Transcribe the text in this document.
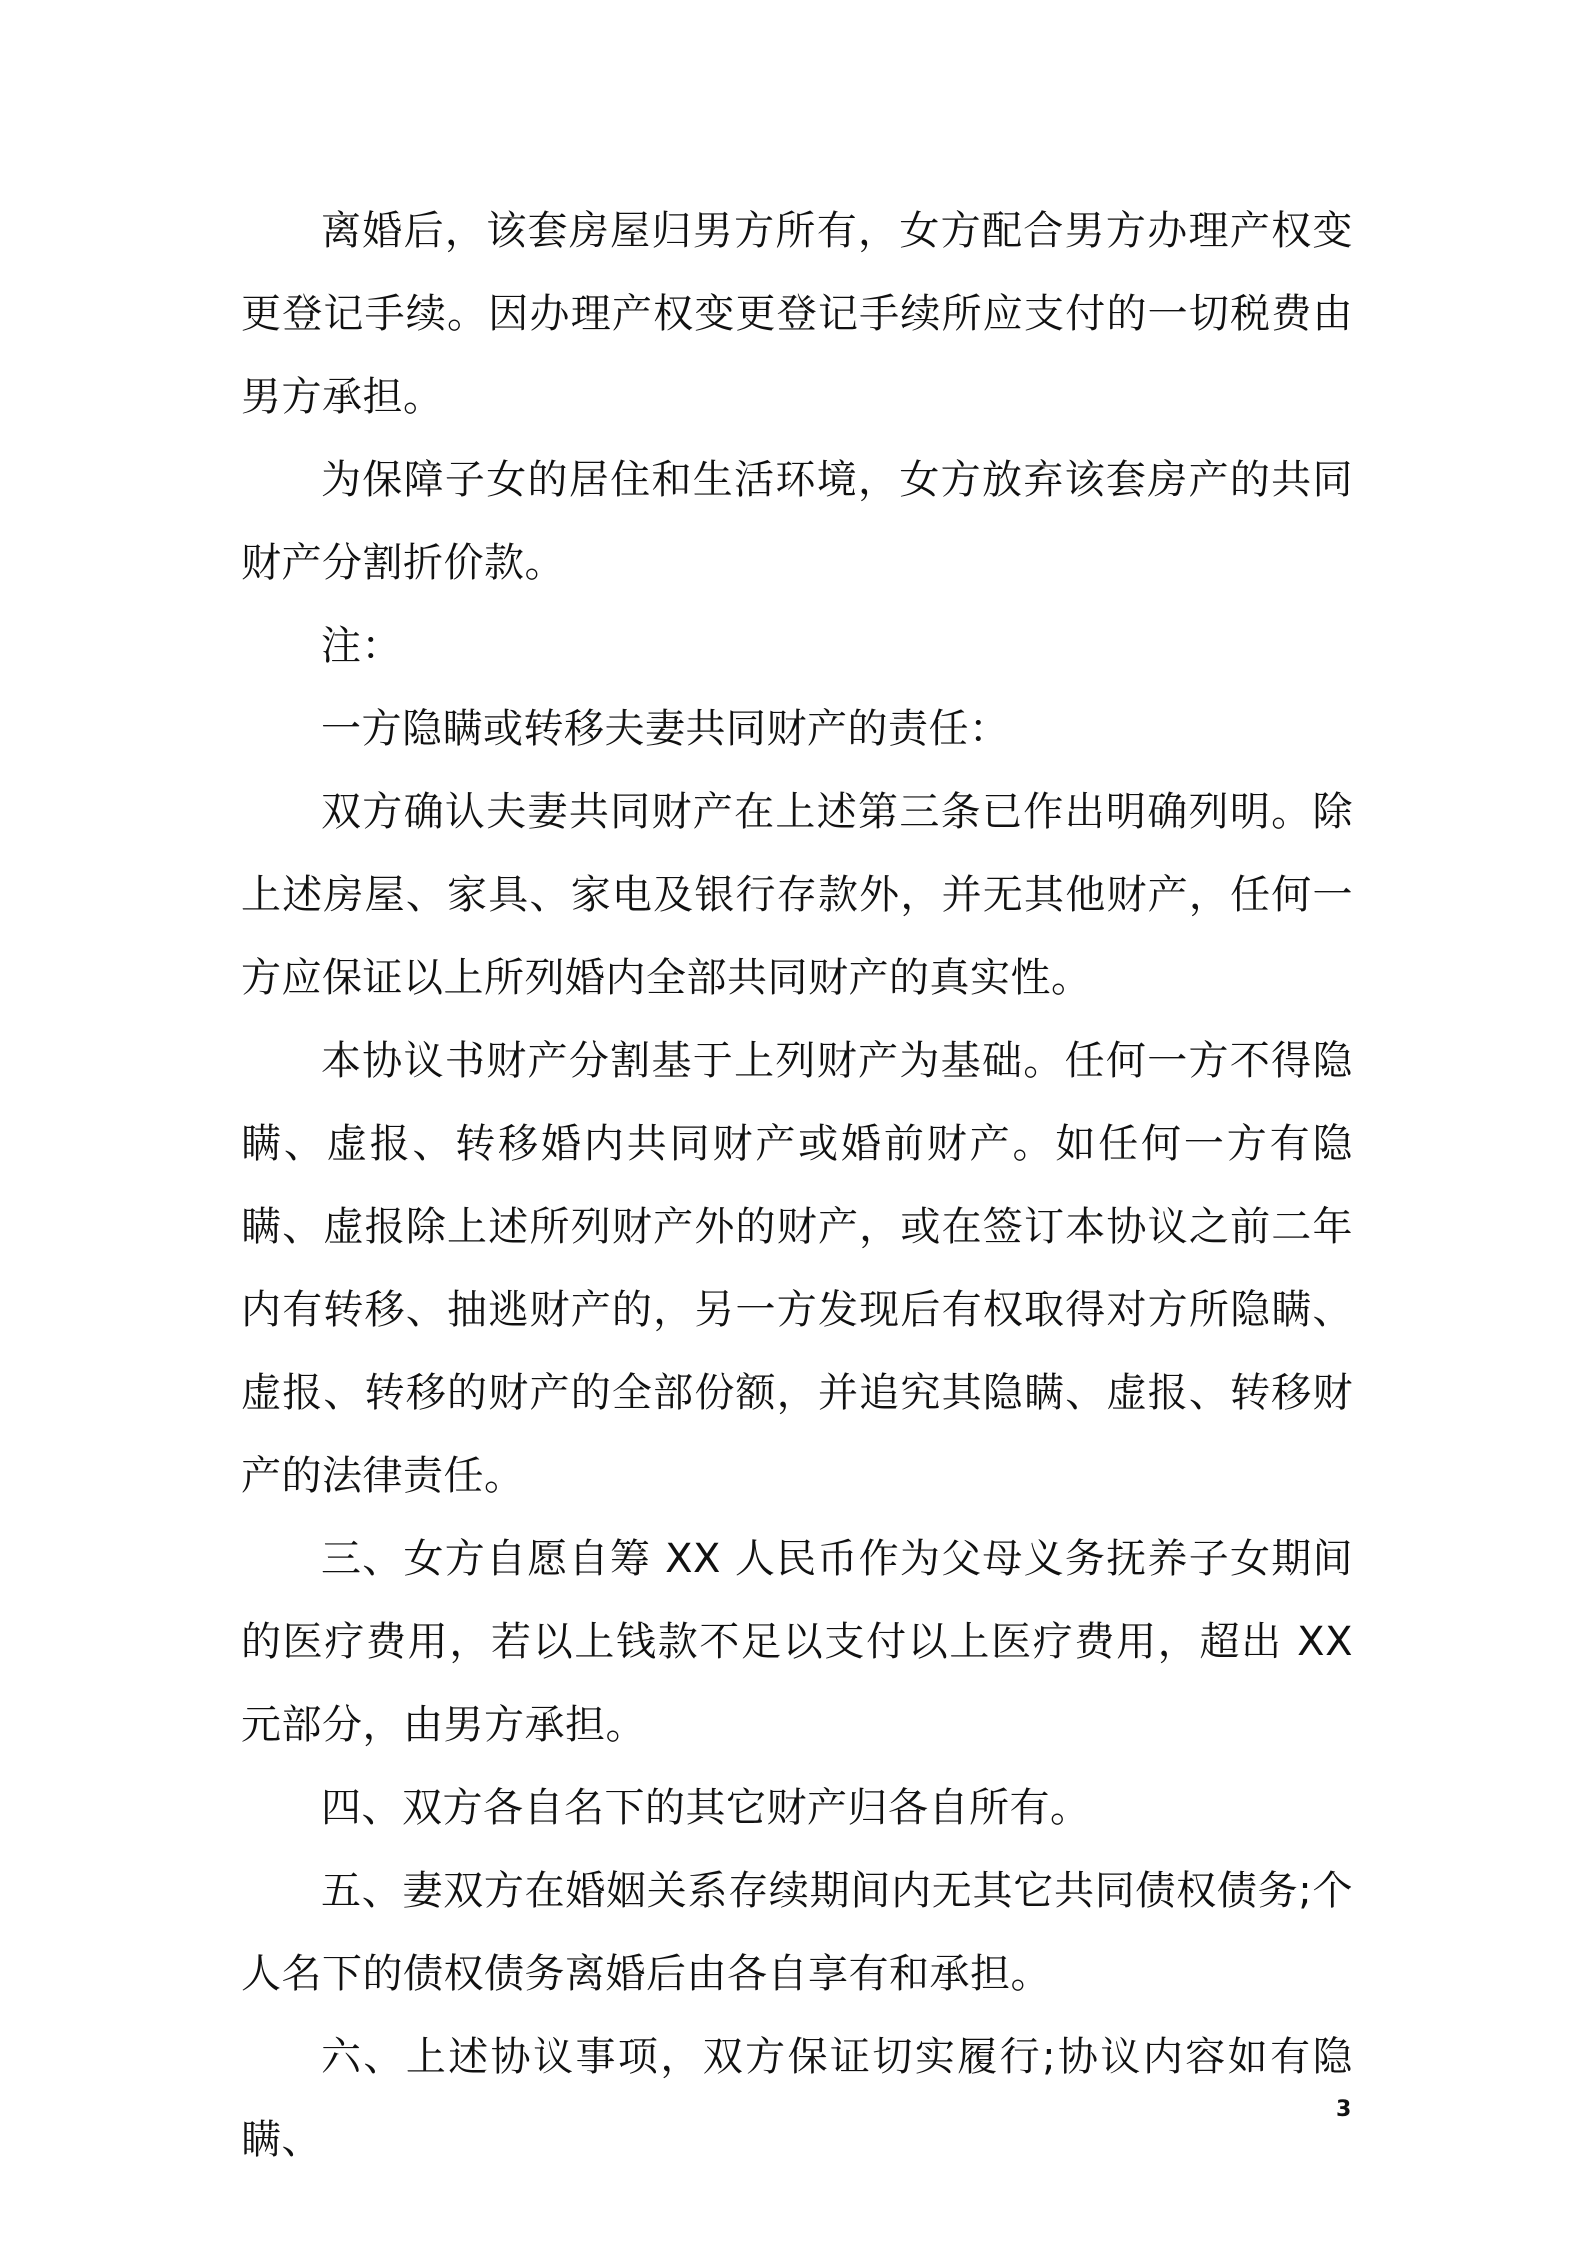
离婚后，该套房屋归男方所有，女方配合男方办理产权变更登记手续。因办理产权变更登记手续所应支付的一切税费由男方承担。

为保障子女的居住和生活环境，女方放弃该套房产的共同财产分割折价款。

注：

一方隐瞒或转移夫妻共同财产的责任：

双方确认夫妻共同财产在上述第三条已作出明确列明。除上述房屋、家具、家电及银行存款外，并无其他财产，任何一方应保证以上所列婚内全部共同财产的真实性。

本协议书财产分割基于上列财产为基础。任何一方不得隐瞒、虚报、转移婚内共同财产或婚前财产。如任何一方有隐瞒、虚报除上述所列财产外的财产，或在签订本协议之前二年内有转移、抽逃财产的，另一方发现后有权取得对方所隐瞒、虚报、转移的财产的全部份额，并追究其隐瞒、虚报、转移财产的法律责任。

三、女方自愿自筹 XX 人民币作为父母义务抚养子女期间的医疗费用，若以上钱款不足以支付以上医疗费用，超出 XX 元部分，由男方承担。

四、双方各自名下的其它财产归各自所有。

五、妻双方在婚姻关系存续期间内无其它共同债权债务;个人名下的债权债务离婚后由各自享有和承担。

六、上述协议事项，双方保证切实履行;协议内容如有隐瞒、

3
